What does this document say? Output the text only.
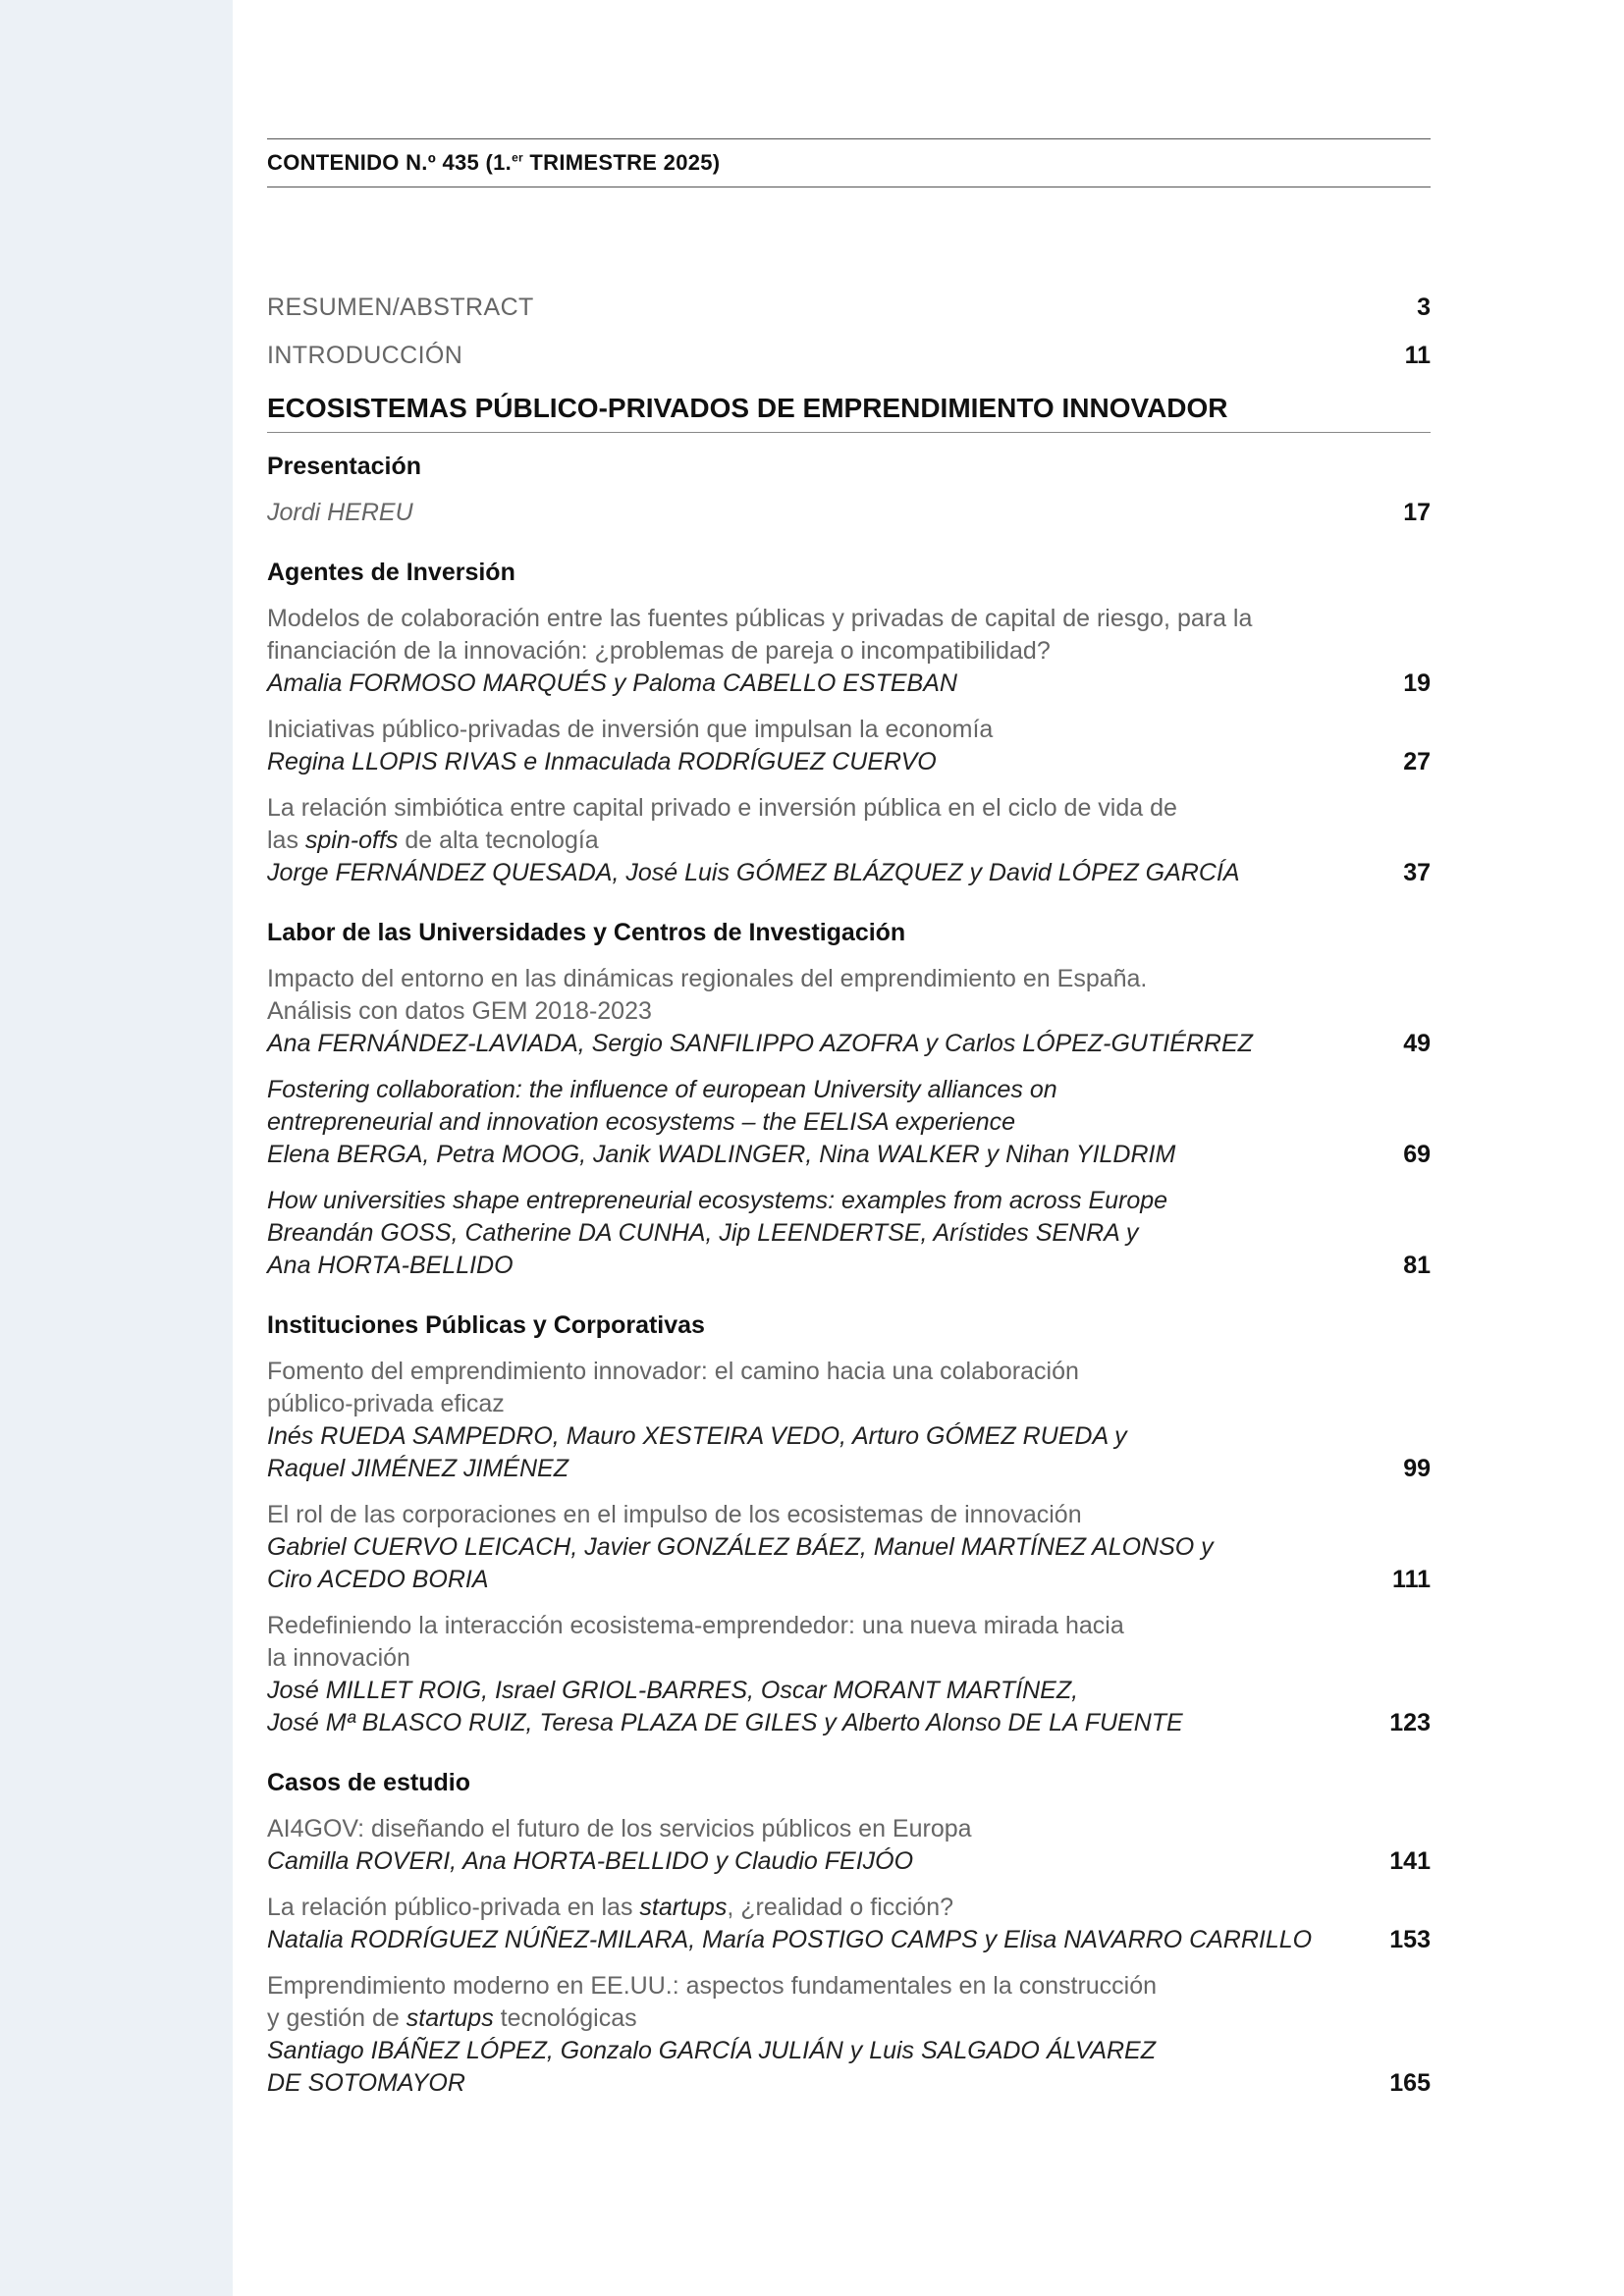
CONTENIDO N.º 435 (1.$^{er}$ TRIMESTRE 2025)
RESUMEN/ABSTRACT	3
INTRODUCCIÓN	11
ECOSISTEMAS PÚBLICO-PRIVADOS DE EMPRENDIMIENTO INNOVADOR
Presentación
Jordi HEREU	17
Agentes de Inversión
Modelos de colaboración entre las fuentes públicas y privadas de capital de riesgo, para la
financiación de la innovación: ¿problemas de pareja o incompatibilidad?
Amalia FORMOSO MARQUÉS y Paloma CABELLO ESTEBAN	19
Iniciativas público-privadas de inversión que impulsan la economía
Regina LLOPIS RIVAS e Inmaculada RODRÍGUEZ CUERVO	27
La relación simbiótica entre capital privado e inversión pública en el ciclo de vida de
las spin-offs de alta tecnología
Jorge FERNÁNDEZ QUESADA, José Luis GÓMEZ BLÁZQUEZ y David LÓPEZ GARCÍA	37
Labor de las Universidades y Centros de Investigación
Impacto del entorno en las dinámicas regionales del emprendimiento en España.
Análisis con datos GEM 2018-2023
Ana FERNÁNDEZ-LAVIADA, Sergio SANFILIPPO AZOFRA y Carlos LÓPEZ-GUTIÉRREZ	49
Fostering collaboration: the influence of european University alliances on
entrepreneurial and innovation ecosystems – the EELISA experience
Elena BERGA, Petra MOOG, Janik WADLINGER, Nina WALKER y Nihan YILDRIM	69
How universities shape entrepreneurial ecosystems: examples from across Europe
Breandán GOSS, Catherine DA CUNHA, Jip LEENDERTSE, Arístides SENRA y
Ana HORTA-BELLIDO	81
Instituciones Públicas y Corporativas
Fomento del emprendimiento innovador: el camino hacia una colaboración
público-privada eficaz
Inés RUEDA SAMPEDRO, Mauro XESTEIRA VEDO, Arturo GÓMEZ RUEDA y
Raquel JIMÉNEZ JIMÉNEZ	99
El rol de las corporaciones en el impulso de los ecosistemas de innovación
Gabriel CUERVO LEICACH, Javier GONZÁLEZ BÁEZ, Manuel MARTÍNEZ ALONSO y
Ciro ACEDO BORIA	111
Redefiniendo la interacción ecosistema-emprendedor: una nueva mirada hacia
la innovación
José MILLET ROIG, Israel GRIOL-BARRES, Oscar MORANT MARTÍNEZ,
José Mª BLASCO RUIZ, Teresa PLAZA DE GILES y Alberto Alonso DE LA FUENTE	123
Casos de estudio
AI4GOV: diseñando el futuro de los servicios públicos en Europa
Camilla ROVERI, Ana HORTA-BELLIDO y Claudio FEIJÓO	141
La relación público-privada en las startups, ¿realidad o ficción?
Natalia RODRÍGUEZ NÚÑEZ-MILARA, María POSTIGO CAMPS y Elisa NAVARRO CARRILLO	153
Emprendimiento moderno en EE.UU.: aspectos fundamentales en la construcción
y gestión de startups tecnológicas
Santiago IBÁÑEZ LÓPEZ, Gonzalo GARCÍA JULIÁN y Luis SALGADO ÁLVAREZ
DE SOTOMAYOR	165
